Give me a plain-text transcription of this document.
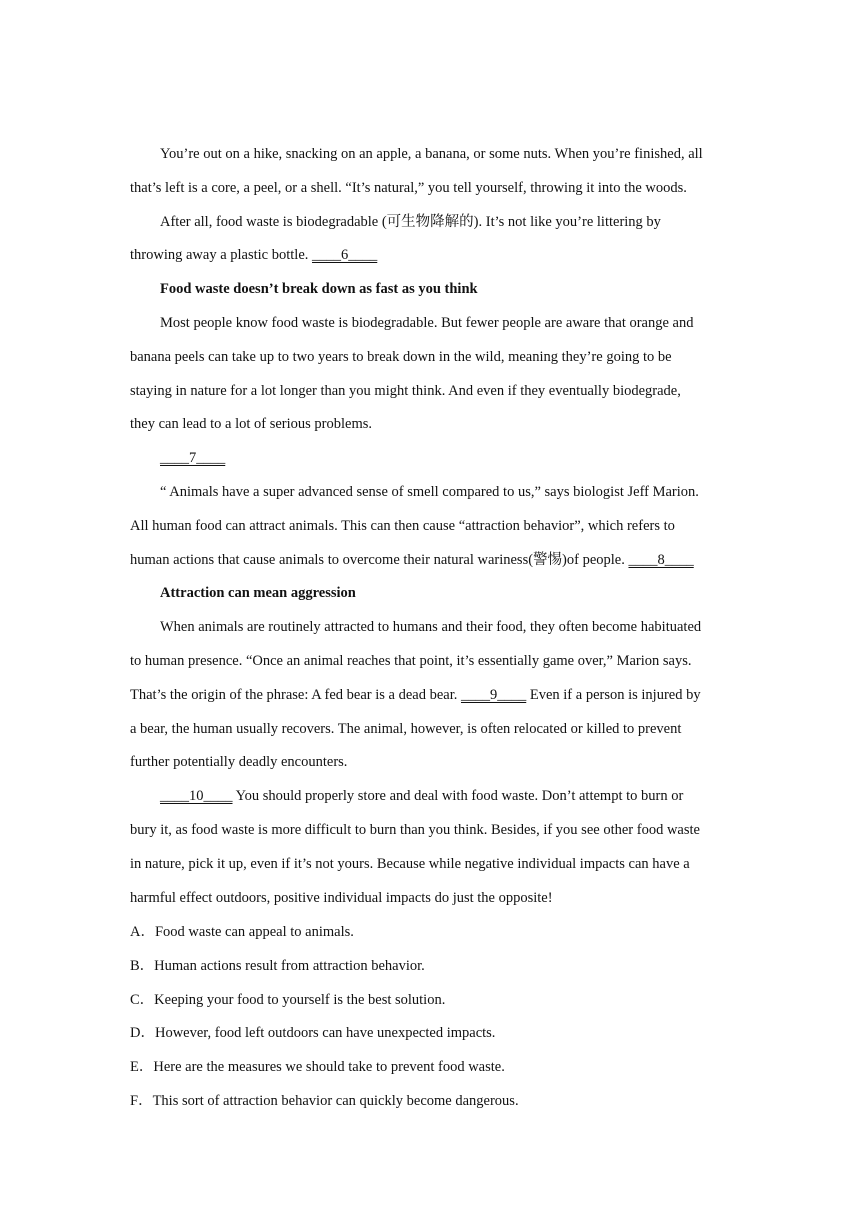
You’re out on a hike, snacking on an apple, a banana, or some nuts. When you’re finished, all
that’s left is a core, a peel, or a shell. “It’s natural,” you tell yourself, throwing it into the woods.
After all, food waste is biodegradable (可生物降解的). It’s not like you’re littering by
throwing away a plastic bottle. ____6____
Food waste doesn’t break down as fast as you think
Most people know food waste is biodegradable. But fewer people are aware that orange and
banana peels can take up to two years to break down in the wild, meaning they’re going to be
staying in nature for a lot longer than you might think. And even if they eventually biodegrade,
they can lead to a lot of serious problems.
____7____
“ Animals have a super advanced sense of smell compared to us,” says biologist Jeff Marion.
All human food can attract animals. This can then cause “attraction behavior”, which refers to
human actions that cause animals to overcome their natural wariness(警惕)of people. ____8____
Attraction can mean aggression
When animals are routinely attracted to humans and their food, they often become habituated
to human presence. “Once an animal reaches that point, it’s essentially game over,” Marion says.
That’s the origin of the phrase: A fed bear is a dead bear. ____9____ Even if a person is injured by
a bear, the human usually recovers. The animal, however, is often relocated or killed to prevent
further potentially deadly encounters.
____10____ You should properly store and deal with food waste. Don’t attempt to burn or
bury it, as food waste is more difficult to burn than you think. Besides, if you see other food waste
in nature, pick it up, even if it’s not yours. Because while negative individual impacts can have a
harmful effect outdoors, positive individual impacts do just the opposite!
A．Food waste can appeal to animals.
B．Human actions result from attraction behavior.
C．Keeping your food to yourself is the best solution.
D．However, food left outdoors can have unexpected impacts.
E．Here are the measures we should take to prevent food waste.
F．This sort of attraction behavior can quickly become dangerous.
